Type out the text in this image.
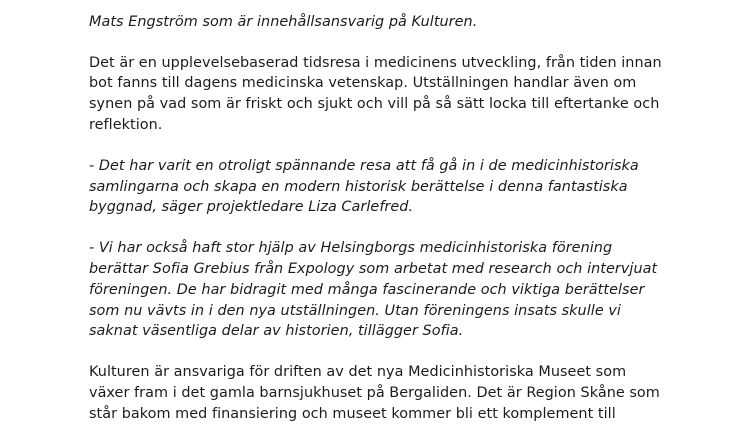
Mats Engström som är innehållsansvarig på Kulturen.

Det är en upplevelsebaserad tidsresa i medicinens utveckling, från tiden innan
bot fanns till dagens medicinska vetenskap. Utställningen handlar även om
synen på vad som är friskt och sjukt och vill på så sätt locka till eftertanke och
reflektion.

- Det har varit en otroligt spännande resa att få gå in i de medicinhistoriska
samlingarna och skapa en modern historisk berättelse i denna fantastiska
byggnad, säger projektledare Liza Carlefred.

- Vi har också haft stor hjälp av Helsingborgs medicinhistoriska förening
berättar Sofia Grebius från Expology som arbetat med research och intervjuat
föreningen. De har bidragit med många fascinerande och viktiga berättelser
som nu vävts in i den nya utställningen. Utan föreningens insats skulle vi
saknat väsentliga delar av historien, tillägger Sofia.

Kulturen är ansvariga för driften av det nya Medicinhistoriska Museet som
växer fram i det gamla barnsjukhuset på Bergaliden. Det är Region Skåne som
står bakom med finansiering och museet kommer bli ett komplement till
